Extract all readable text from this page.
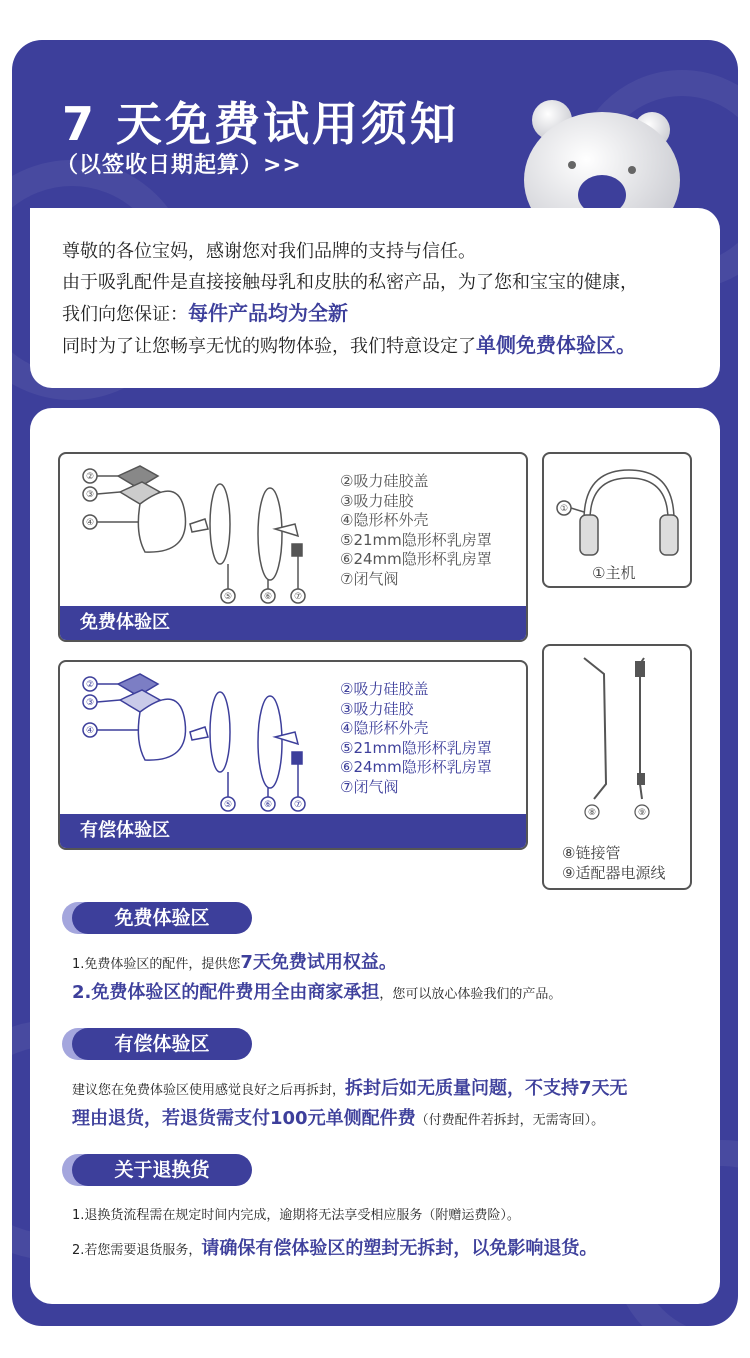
7 天免费试用须知
（以签收日期起算）>>

尊敬的各位宝妈，感谢您对我们品牌的支持与信任。

由于吸乳配件是直接接触母乳和皮肤的私密产品，为了您和宝宝的健康，

我们向您保证：每件产品均为全新

同时为了让您畅享无忧的购物体验，我们特意设定了单侧免费体验区。

②
③
④
⑤	⑥ ⑦
②吸力硅胶盖
③吸力硅胶
④隐形杯外壳
⑤21mm隐形杯乳房罩
⑥24mm隐形杯乳房罩
⑦闭气阀
免费体验区
②
③
④
⑤	⑥ ⑦
②吸力硅胶盖
③吸力硅胶
④隐形杯外壳
⑤21mm隐形杯乳房罩
⑥24mm隐形杯乳房罩
⑦闭气阀
有偿体验区
①
①主机
⑧	⑨
⑧链接管
⑨适配器电源线
免费体验区
1.免费体验区的配件，提供您7天免费试用权益。
2.免费体验区的配件费用全由商家承担，您可以放心体验我们的产品。
有偿体验区
建议您在免费体验区使用感觉良好之后再拆封，拆封后如无质量问题，不支持7天无
理由退货，若退货需支付100元单侧配件费（付费配件若拆封，无需寄回）。
关于退换货
1.退换货流程需在规定时间内完成，逾期将无法享受相应服务（附赠运费险）。
2.若您需要退货服务，请确保有偿体验区的塑封无拆封，以免影响退货。
